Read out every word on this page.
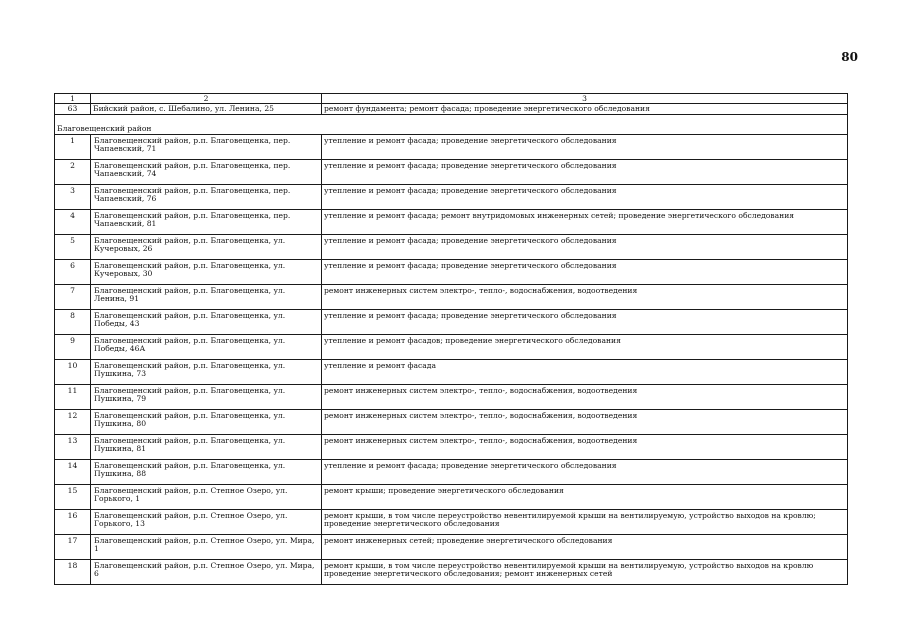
80
1	2	3
63	Бийский район, с. Шебалино, ул. Ленина, 25	ремонт фундамента; ремонт фасада; проведение энергетического обследования
Благовещенский район		
1	Благовещенский район, р.п. Благовещенка, пер. Чапаевский, 71	утепление и ремонт фасада; проведение энергетического обследования
2	Благовещенский район, р.п. Благовещенка, пер. Чапаевский, 74	утепление и ремонт фасада; проведение энергетического обследования
3	Благовещенский район, р.п. Благовещенка, пер. Чапаевский, 76	утепление и ремонт фасада; проведение энергетического обследования
4	Благовещенский район, р.п. Благовещенка, пер. Чапаевский, 81	утепление и ремонт фасада; ремонт внутридомовых инженерных сетей; проведение энергетического обследования
5	Благовещенский район, р.п. Благовещенка, ул. Кучеровых, 26	утепление и ремонт фасада; проведение энергетического обследования
6	Благовещенский район, р.п. Благовещенка, ул. Кучеровых, 30	утепление и ремонт фасада; проведение энергетического обследования
7	Благовещенский район, р.п. Благовещенка, ул. Ленина, 91	ремонт инженерных систем электро-, тепло-, водоснабжения, водоотведения
8	Благовещенский район, р.п. Благовещенка, ул. Победы, 43	утепление и ремонт фасада; проведение энергетического обследования
9	Благовещенский район, р.п. Благовещенка, ул. Победы, 46А	утепление и ремонт фасадов; проведение энергетического обследования
10	Благовещенский район, р.п. Благовещенка, ул. Пушкина, 73	утепление и ремонт фасада
11	Благовещенский район, р.п. Благовещенка, ул. Пушкина, 79	ремонт инженерных систем электро-, тепло-, водоснабжения, водоотведения
12	Благовещенский район, р.п. Благовещенка, ул. Пушкина, 80	ремонт инженерных систем электро-, тепло-, водоснабжения, водоотведения
13	Благовещенский район, р.п. Благовещенка, ул. Пушкина, 81	ремонт инженерных систем электро-, тепло-, водоснабжения, водоотведения
14	Благовещенский район, р.п. Благовещенка, ул. Пушкина, 88	утепление и ремонт фасада; проведение энергетического обследования
15	Благовещенский район, р.п. Степное Озеро, ул. Горького, 1	ремонт крыши; проведение энергетического обследования
16	Благовещенский район, р.п. Степное Озеро, ул. Горького, 13	ремонт крыши, в том числе переустройство невентилируемой крыши на вентилируемую, устройство выходов на кровлю; проведение энергетического обследования
17	Благовещенский район, р.п. Степное Озеро, ул. Мира, 1	ремонт инженерных сетей; проведение энергетического обследования
18	Благовещенский район, р.п. Степное Озеро, ул. Мира, 6	ремонт крыши, в том числе переустройство невентилируемой крыши на вентилируемую, устройство выходов на кровлю проведение энергетического обследования; ремонт инженерных сетей
